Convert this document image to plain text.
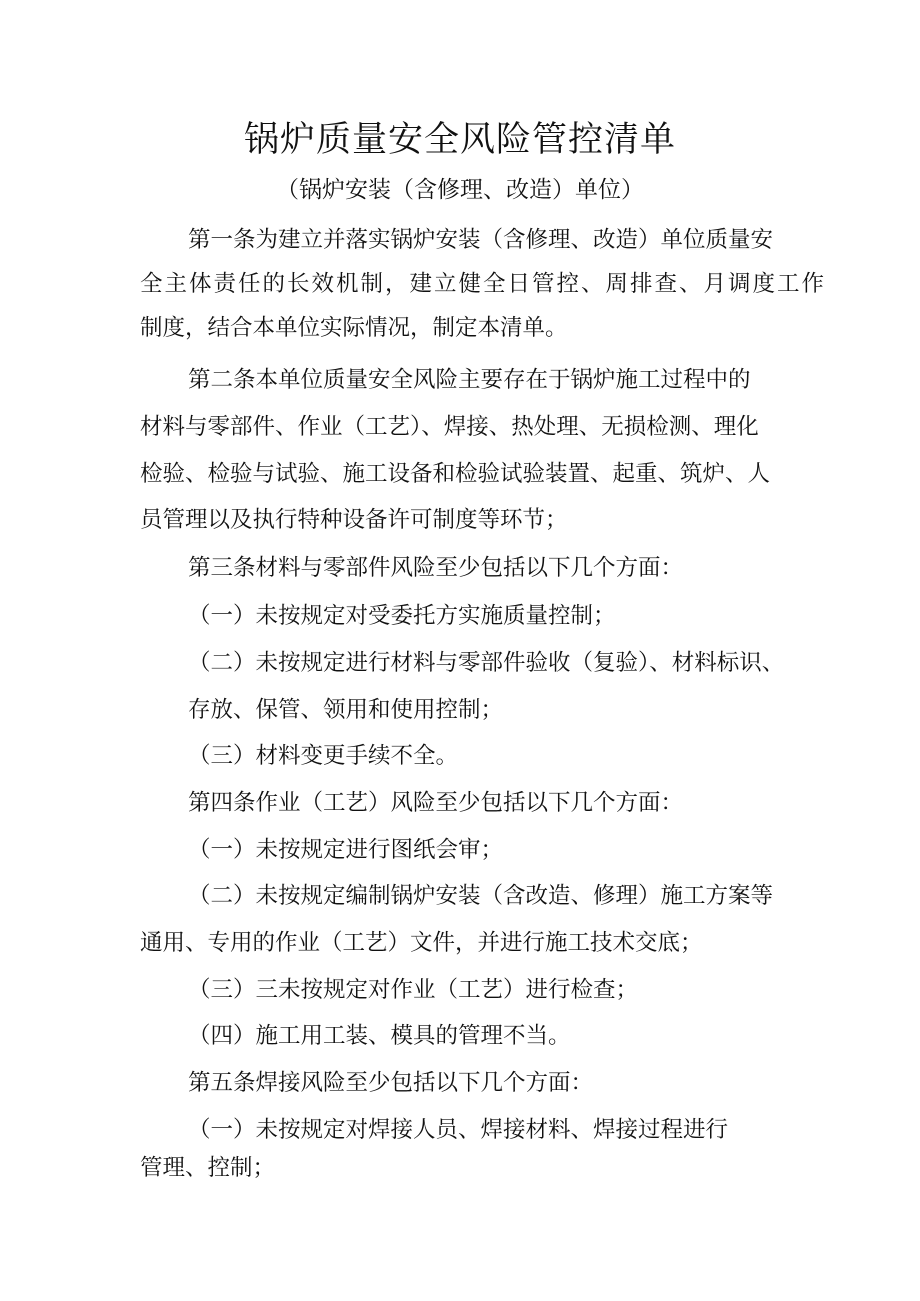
锅炉质量安全风险管控清单
（锅炉安装（含修理、改造）单位）

第一条为建立并落实锅炉安装（含修理、改造）单位质量安

全主体责任的长效机制，建立健全日管控、周排查、月调度工作

制度，结合本单位实际情况，制定本清单。

第二条本单位质量安全风险主要存在于锅炉施工过程中的

材料与零部件、作业（工艺）、焊接、热处理、无损检测、理化

检验、检验与试验、施工设备和检验试验装置、起重、筑炉、人

员管理以及执行特种设备许可制度等环节；

第三条材料与零部件风险至少包括以下几个方面：

（一）未按规定对受委托方实施质量控制；

（二）未按规定进行材料与零部件验收（复验）、材料标识、

存放、保管、领用和使用控制；

（三）材料变更手续不全。

第四条作业（工艺）风险至少包括以下几个方面：

（一）未按规定进行图纸会审；

（二）未按规定编制锅炉安装（含改造、修理）施工方案等

通用、专用的作业（工艺）文件，并进行施工技术交底；

（三）三未按规定对作业（工艺）进行检查；

（四）施工用工装、模具的管理不当。

第五条焊接风险至少包括以下几个方面：

（一）未按规定对焊接人员、焊接材料、焊接过程进行

管理、控制；
